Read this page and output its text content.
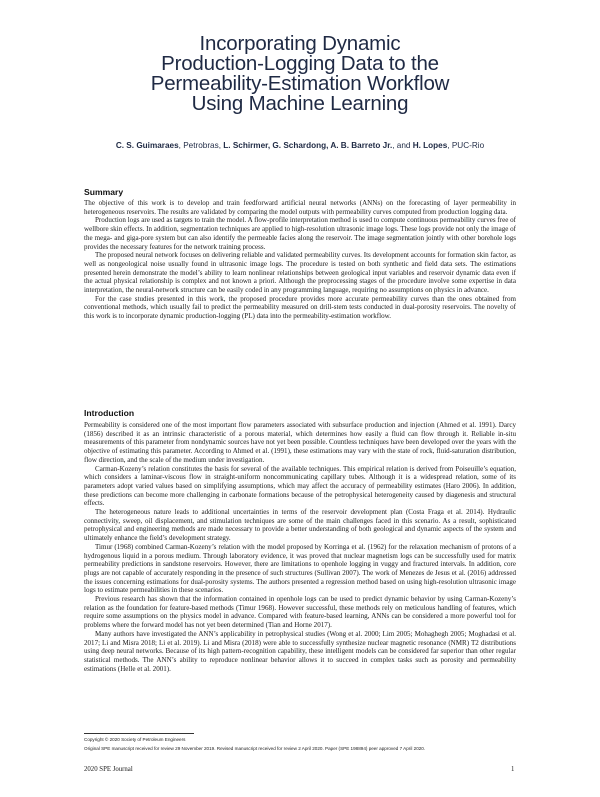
Incorporating Dynamic
Production-Logging Data to the
Permeability-Estimation Workflow
Using Machine Learning
C. S. Guimaraes, Petrobras, L. Schirmer, G. Schardong, A. B. Barreto Jr., and H. Lopes, PUC-Rio
Summary

The objective of this work is to develop and train feedforward artificial neural networks (ANNs) on the forecasting of layer permeability in heterogeneous reservoirs. The results are validated by comparing the model outputs with permeability curves computed from production logging data.

Production logs are used as targets to train the model. A flow-profile interpretation method is used to compute continuous permeability curves free of wellbore skin effects. In addition, segmentation techniques are applied to high-resolution ultrasonic image logs. These logs provide not only the image of the mega- and giga-pore system but can also identify the permeable facies along the reservoir. The image segmentation jointly with other borehole logs provides the necessary features for the network training process.

The proposed neural network focuses on delivering reliable and validated permeability curves. Its development accounts for formation skin factor, as well as nongeological noise usually found in ultrasonic image logs. The procedure is tested on both synthetic and field data sets. The estimations presented herein demonstrate the model’s ability to learn nonlinear relationships between geological input variables and reservoir dynamic data even if the actual physical relationship is complex and not known a priori. Although the preprocessing stages of the procedure involve some expertise in data interpretation, the neural-network structure can be easily coded in any programming language, requiring no assumptions on physics in advance.

For the case studies presented in this work, the proposed procedure provides more accurate permeability curves than the ones obtained from conventional methods, which usually fail to predict the permeability measured on drill-stem tests conducted in dual-porosity reservoirs. The novelty of this work is to incorporate dynamic production-logging (PL) data into the permeability-estimation workflow.

Introduction

Permeability is considered one of the most important flow parameters associated with subsurface production and injection (Ahmed et al. 1991). Darcy (1856) described it as an intrinsic characteristic of a porous material, which determines how easily a fluid can flow through it. Reliable in-situ measurements of this parameter from nondynamic sources have not yet been possible. Countless techniques have been developed over the years with the objective of estimating this parameter. According to Ahmed et al. (1991), these estimations may vary with the state of rock, fluid-saturation distribution, flow direction, and the scale of the medium under investigation.

Carman-Kozeny’s relation constitutes the basis for several of the available techniques. This empirical relation is derived from Poiseuille’s equation, which considers a laminar-viscous flow in straight-uniform noncommunicating capillary tubes. Although it is a widespread relation, some of its parameters adopt varied values based on simplifying assumptions, which may affect the accuracy of permeability estimates (Haro 2006). In addition, these predictions can become more challenging in carbonate formations because of the petrophysical heterogeneity caused by diagenesis and structural effects.

The heterogeneous nature leads to additional uncertainties in terms of the reservoir development plan (Costa Fraga et al. 2014). Hydraulic connectivity, sweep, oil displacement, and stimulation techniques are some of the main challenges faced in this scenario. As a result, sophisticated petrophysical and engineering methods are made necessary to provide a better understanding of both geological and dynamic aspects of the system and ultimately enhance the field’s development strategy.

Timur (1968) combined Carman-Kozeny’s relation with the model proposed by Korringa et al. (1962) for the relaxation mechanism of protons of a hydrogenous liquid in a porous medium. Through laboratory evidence, it was proved that nuclear magnetism logs can be successfully used for matrix permeability predictions in sandstone reservoirs. However, there are limitations to openhole logging in vuggy and fractured intervals. In addition, core plugs are not capable of accurately responding in the presence of such structures (Sullivan 2007). The work of Menezes de Jesus et al. (2016) addressed the issues concerning estimations for dual-porosity systems. The authors presented a regression method based on using high-resolution ultrasonic image logs to estimate permeabilities in these scenarios.

Previous research has shown that the information contained in openhole logs can be used to predict dynamic behavior by using Carman-Kozeny’s relation as the foundation for feature-based methods (Timur 1968). However successful, these methods rely on meticulous handling of features, which require some assumptions on the physics model in advance. Compared with feature-based learning, ANNs can be considered a more powerful tool for problems where the forward model has not yet been determined (Tian and Horne 2017).

Many authors have investigated the ANN’s applicability in petrophysical studies (Wong et al. 2000; Lim 2005; Mohaghegh 2005; Moghadasi et al. 2017; Li and Misra 2018; Li et al. 2019). Li and Misra (2018) were able to successfully synthesize nuclear magnetic resonance (NMR) T2 distributions using deep neural networks. Because of its high pattern-recognition capability, these intelligent models can be considered far superior than other regular statistical methods. The ANN’s ability to reproduce nonlinear behavior allows it to succeed in complex tasks such as porosity and permeability estimations (Helle et al. 2001).

Copyright © 2020 Society of Petroleum Engineers
Original SPE manuscript received for review 29 November 2019. Revised manuscript received for review 2 April 2020. Paper (SPE 198894) peer approved 7 April 2020.
2020 SPE Journal	1
